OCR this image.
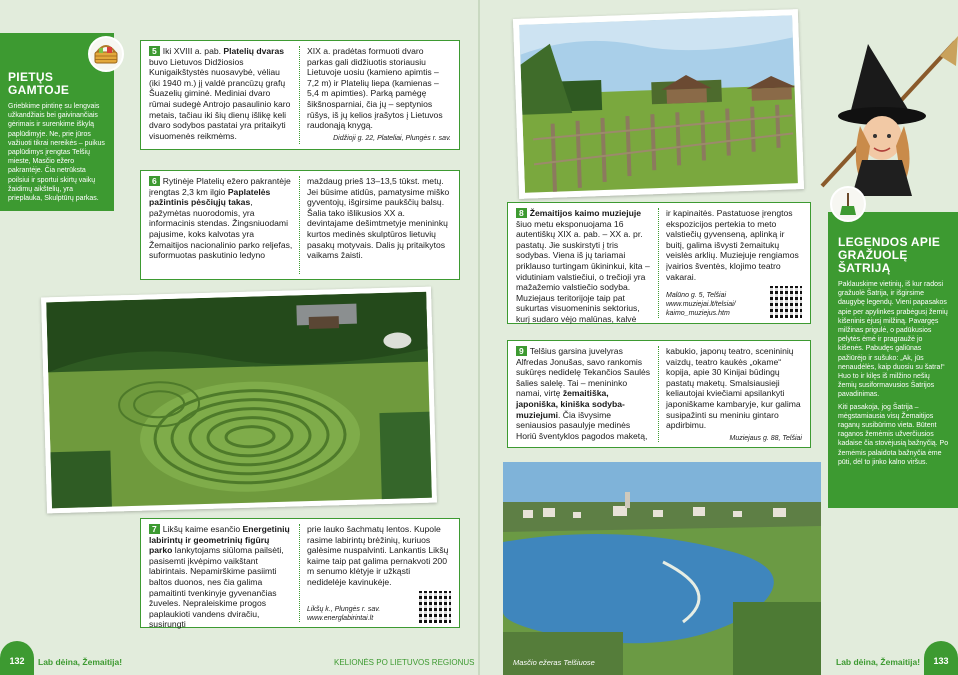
PIETŲS GAMTOJE
Griebkime pintinę su lengvais užkandžiais bei gaivinančiais gėrimais ir surenkime iškylą paplūdimyje. Ne, prie jūros važiuoti tikrai nereikės – puikus paplūdimys įrengtas Telšių mieste, Masčio ežero pakrantėje. Čia netrūksta poilsiui ir sportui skirtų vaikų žaidimų aikštelių, yra prieplauka, Skulptūrų parkas.
5 Iki XVIII a. pab. Platelių dvaras buvo Lietuvos Didžiosios Kunigaikštystės nuosavybė, vėliau (iki 1940 m.) jį valdė prancūzų grafų Šuazelių giminė. Mediniai dvaro rūmai sudegė Antrojo pasaulinio karo metais, tačiau iki šių dienų išlikę keli dvaro sodybos pastatai yra pritaikyti visuomenės reikmėms.
XIX a. pradėtas formuoti dvaro parkas gali didžiuotis storiausiu Lietuvoje uosiu (kamieno apimtis – 7,2 m) ir Platelių liepa (kamienas – 5,4 m apimties). Parką pamėgę šikšnosparniai, čia jų – septynios rūšys, iš jų kelios įrašytos į Lietuvos raudonąją knygą.
Didžioji g. 22, Plateliai, Plungės r. sav.
6 Rytinėje Platelių ežero pakrantėje įrengtas 2,3 km ilgio Paplatelės pažintinis pėsčiųjų takas, pažymėtas nuorodomis, yra informacinis stendas. Žingsniuodami pajusime, koks kalvotas yra Žemaitijos nacionalinio parko reljefas, suformuotas paskutinio ledyno
maždaug prieš 13–13,5 tūkst. metų. Jei būsime atidūs, pamatysime miško gyventojų, išgirsime paukščių balsų. Šalia tako išlikusios XX a. devintajame dešimtmetyje menininkų kurtos medinės skulptūros lietuvių pasakų motyvais. Dalis jų pritaikytos vaikams žaisti.
7 Likšų kaime esančio Energetinių labirintų ir geometrinių figūrų parko lankytojams siūloma pailsėti, pasisemti įkvėpimo vaikštant labirintais. Nepamirškime pasiimti baltos duonos, nes čia galima pamaitinti tvenkinyje gyvenančias žuveles. Nepraleiskime progos paplaukioti vandens dviračiu, susirungti
prie lauko šachmatų lentos. Kupole rasime labirintų brėžinių, kuriuos galėsime nuspalvinti. Lankantis Likšų kaime taip pat galima pernakvoti 200 m senumo klėtyje ir užkąsti nedidelėje kavinukėje.
Likšų k., Plungės r. sav.
www.energlabirintai.lt
LEGENDOS APIE GRAŽUOLĘ ŠATRIJĄ

Paklauskime vietinių, iš kur radosi gražuolė Šatrija, ir išgirsime daugybę legendų. Vieni papasakos apie per apylinkes prabėgusį žemių kišeninis ėjusį milžiną. Pavargęs milžinas prigulė, o padūkusios pelytės ėmė ir pragraužė jo kišenės. Pabudęs galiūnas pažiūrėjo ir sušuko: „Ak, jūs nenaudėlės, kaip duosiu su šatra!“ Huo to ir kilęs iš milžino nešių žemių susiformavusios Šatrijos pavadinimas.

Kiti pasakoja, jog Šatrija – mėgstamiausia visų Žemaitijos raganų susibūrimo vieta. Būtent raganos žemėmis užverčiusios kadaise čia stovėjusią bažnyčią. Po žemėmis palaidota bažnyčia ėme pūti, dėl to jinko kalno viršus.

8 Žemaitijos kaimo muziejuje šiuo metu eksponuojama 16 autentiškų XIX a. pab. – XX a. pr. pastatų. Jie suskirstyti į tris sodybas. Viena iš jų tariamai priklauso turtingam ūkininkui, kita – vidutiniam valstiečiui, o trečioji yra mažažemio valstiečio sodyba. Muziejaus teritorijoje taip pat sukurtas visuomeninis sektorius, kurį sudaro vėjo malūnas, kalvė
ir kapinaitės. Pastatuose įrengtos ekspozicijos pertekia to meto valstiečių gyvenseną, aplinką ir buitį, galima išvysti žemaitukų veislės arklių. Muziejuje rengiamos įvairios šventės, klojimo teatro vakarai.
Malūno g. 5, Telšiai
www.muziejai.lt/telsiai/
kaimo_muziejus.htm
9 Telšius garsina juvelyras Alfredas Jonušas, savo rankomis sukūręs nedidelę Tekančios Saulės šalies salelę. Tai – menininko namai, virtę žemaitiška, japoniška, kiniška sodyba-muziejumi. Čia išvysime seniausios pasaulyje medinės Horiū šventyklos pagodos maketą,
kabukio, japonų teatro, scenininių vaizdų, teatro kaukės „okame“ kopija, apie 30 Kinijai būdingų pastatų maketų. Smalsiausieji keliautojai kviečiami apsilankyti japoniškame kambaryje, kur galima susipažinti su meniniu gintaro apdirbimu.
Muziejaus g. 88, Telšiai
Masčio ežeras Telšiuose
132	Lab dėina, Žemaitija!	KELIONĖS PO LIETUVOS REGIONUS	Lab dėina, Žemaitija!	133
